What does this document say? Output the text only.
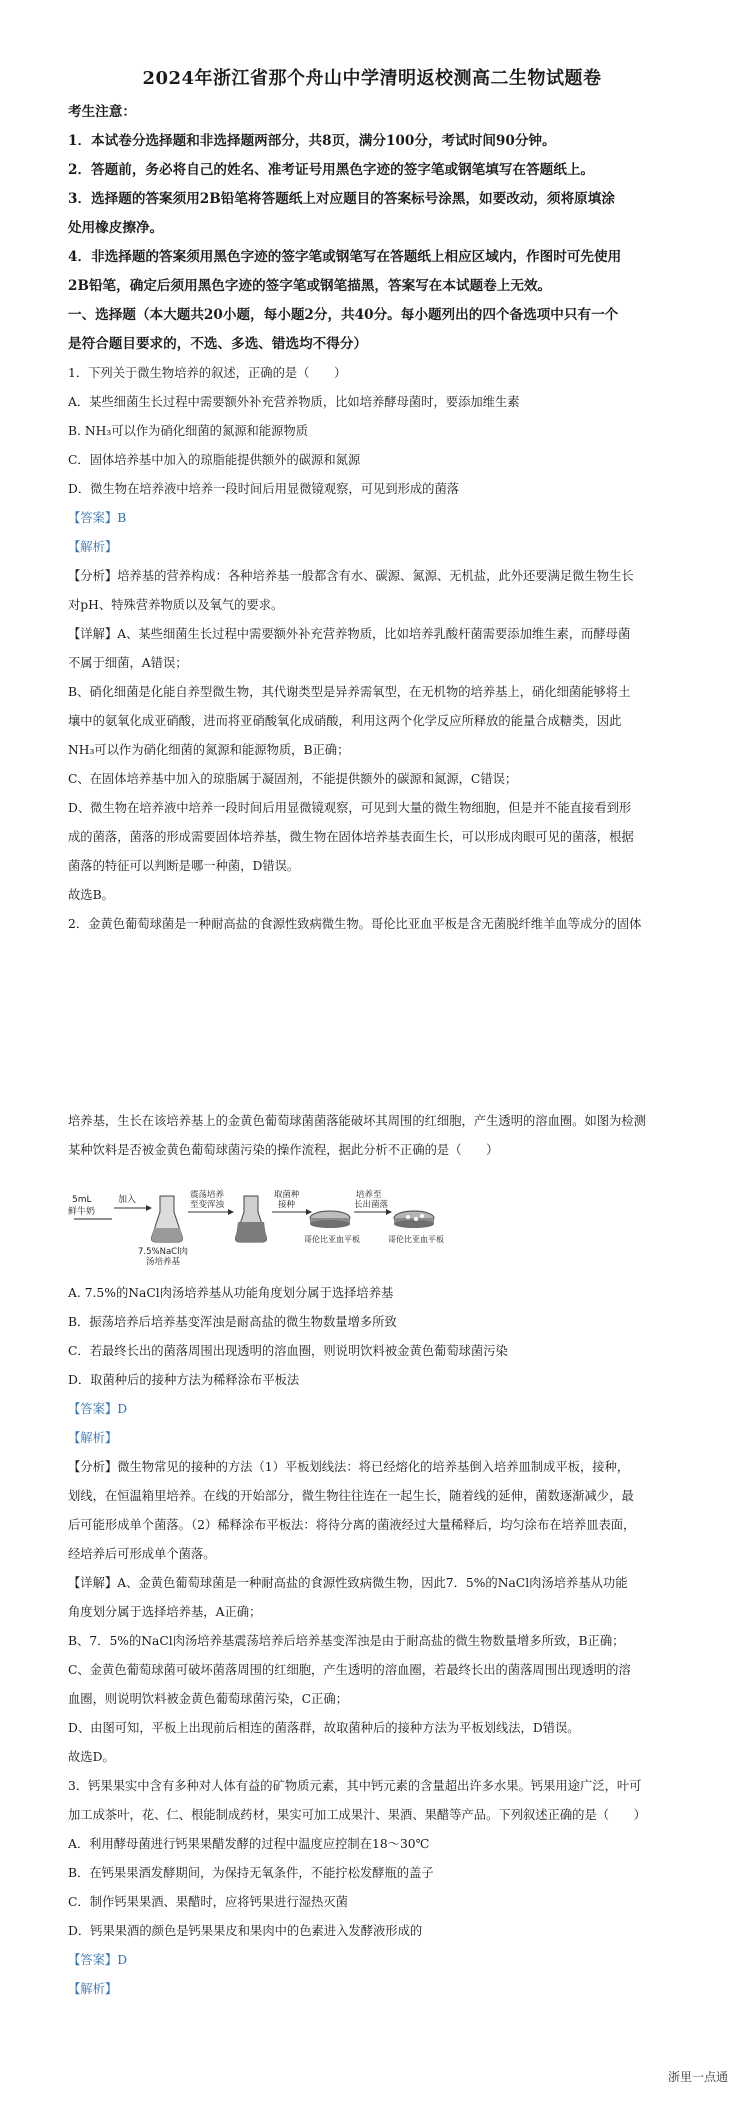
2024年浙江省那个舟山中学清明返校测高二生物试题卷
考生注意：
1．本试卷分选择题和非选择题两部分，共8页，满分100分，考试时间90分钟。
2．答题前，务必将自己的姓名、准考证号用黑色字迹的签字笔或钢笔填写在答题纸上。
3．选择题的答案须用2B铅笔将答题纸上对应题目的答案标号涂黑，如要改动，须将原填涂
处用橡皮擦净。
4．非选择题的答案须用黑色字迹的签字笔或钢笔写在答题纸上相应区域内，作图时可先使用
2B铅笔，确定后须用黑色字迹的签字笔或钢笔描黑，答案写在本试题卷上无效。
一、选择题（本大题共20小题，每小题2分，共40分。每小题列出的四个备选项中只有一个
是符合题目要求的，不选、多选、错选均不得分）
1．下列关于微生物培养的叙述，正确的是（　　）
A．某些细菌生长过程中需要额外补充营养物质，比如培养酵母菌时，要添加维生素
B. NH₃可以作为硝化细菌的氮源和能源物质
C．固体培养基中加入的琼脂能提供额外的碳源和氮源
D．微生物在培养液中培养一段时间后用显微镜观察，可见到形成的菌落
【答案】B
【解析】
【分析】培养基的营养构成：各种培养基一般都含有水、碳源、氮源、无机盐，此外还要满足微生物生长
对pH、特殊营养物质以及氧气的要求。
【详解】A、某些细菌生长过程中需要额外补充营养物质，比如培养乳酸杆菌需要添加维生素，而酵母菌
不属于细菌，A错误；
B、硝化细菌是化能自养型微生物，其代谢类型是异养需氧型，在无机物的培养基上，硝化细菌能够将土
壤中的氨氧化成亚硝酸，进而将亚硝酸氧化成硝酸，利用这两个化学反应所释放的能量合成糖类，因此
NH₃可以作为硝化细菌的氮源和能源物质，B正确；
C、在固体培养基中加入的琼脂属于凝固剂，不能提供额外的碳源和氮源，C错误；
D、微生物在培养液中培养一段时间后用显微镜观察，可见到大量的微生物细胞，但是并不能直接看到形
成的菌落，菌落的形成需要固体培养基，微生物在固体培养基表面生长，可以形成肉眼可见的菌落，根据
菌落的特征可以判断是哪一种菌，D错误。
故选B。
2．金黄色葡萄球菌是一种耐高盐的食源性致病微生物。哥伦比亚血平板是含无菌脱纤维羊血等成分的固体
培养基，生长在该培养基上的金黄色葡萄球菌菌落能破坏其周围的红细胞，产生透明的溶血圈。如图为检测
某种饮料是否被金黄色葡萄球菌污染的操作流程，据此分析不正确的是（　　）
5mL
鲜牛奶
加入
7.5%NaCl肉
汤培养基
震荡培养
至变浑浊
取菌种
接种
哥伦比亚血平板
培养至
长出菌落
哥伦比亚血平板
A. 7.5%的NaCl肉汤培养基从功能角度划分属于选择培养基
B．振荡培养后培养基变浑浊是耐高盐的微生物数量增多所致
C．若最终长出的菌落周围出现透明的溶血圈，则说明饮料被金黄色葡萄球菌污染
D．取菌种后的接种方法为稀释涂布平板法
【答案】D
【解析】
【分析】微生物常见的接种的方法（1）平板划线法：将已经熔化的培养基倒入培养皿制成平板，接种，
划线，在恒温箱里培养。在线的开始部分，微生物往往连在一起生长，随着线的延伸，菌数逐渐减少，最
后可能形成单个菌落。（2）稀释涂布平板法：将待分离的菌液经过大量稀释后，均匀涂布在培养皿表面，
经培养后可形成单个菌落。
【详解】A、金黄色葡萄球菌是一种耐高盐的食源性致病微生物，因此7．5%的NaCl肉汤培养基从功能
角度划分属于选择培养基，A正确；
B、7．5%的NaCl肉汤培养基震荡培养后培养基变浑浊是由于耐高盐的微生物数量增多所致，B正确；
C、金黄色葡萄球菌可破坏菌落周围的红细胞，产生透明的溶血圈，若最终长出的菌落周围出现透明的溶
血圈，则说明饮料被金黄色葡萄球菌污染，C正确；
D、由图可知，平板上出现前后相连的菌落群，故取菌种后的接种方法为平板划线法，D错误。
故选D。
3．钙果果实中含有多种对人体有益的矿物质元素，其中钙元素的含量超出许多水果。钙果用途广泛，叶可
加工成茶叶，花、仁、根能制成药材，果实可加工成果汁、果酒、果醋等产品。下列叙述正确的是（　　）
A．利用酵母菌进行钙果果醋发酵的过程中温度应控制在18～30℃
B．在钙果果酒发酵期间，为保持无氧条件，不能拧松发酵瓶的盖子
C．制作钙果果酒、果醋时，应将钙果进行湿热灭菌
D．钙果果酒的颜色是钙果果皮和果肉中的色素进入发酵液形成的
【答案】D
【解析】
浙里一点通
